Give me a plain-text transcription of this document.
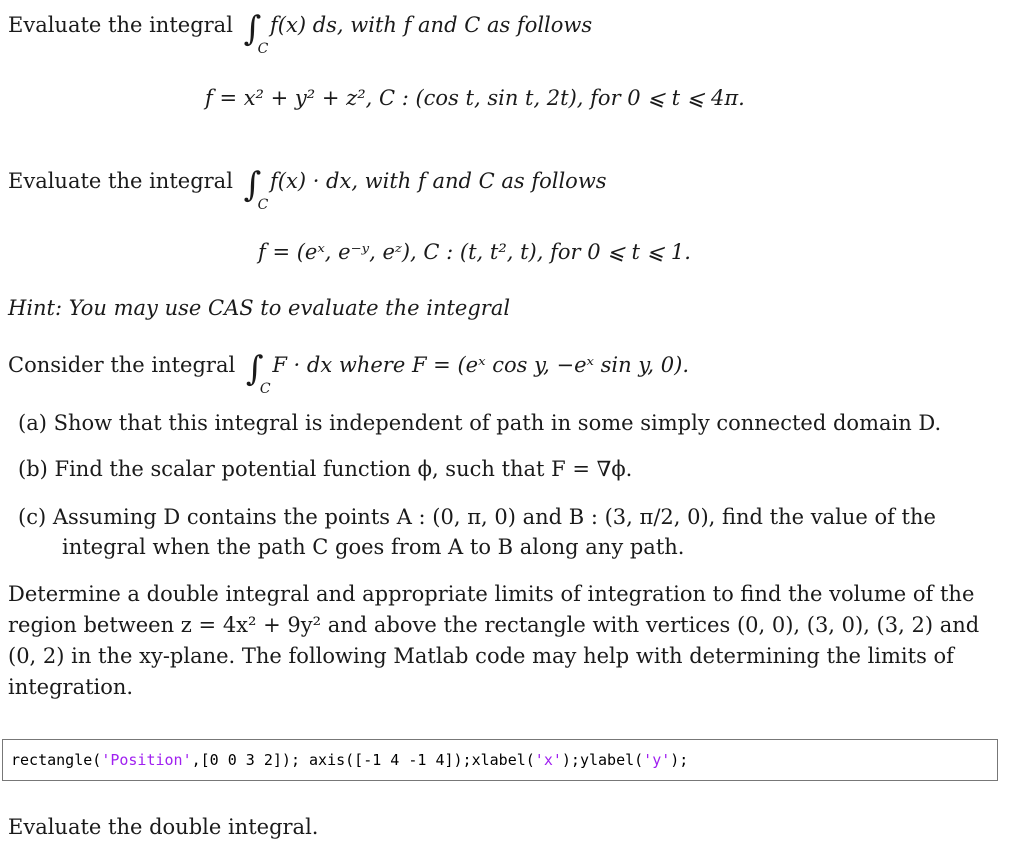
Evaluate the integral ∫
C
f(x) ds, with f and C as follows
f = x² + y² + z², C : (cos t, sin t, 2t), for 0 ⩽ t ⩽ 4π.
Evaluate the integral ∫
C
f(x) · dx, with f and C as follows
f = (eˣ, e⁻ʸ, eᶻ), C : (t, t², t), for 0 ⩽ t ⩽ 1.
Hint: You may use CAS to evaluate the integral
Consider the integral ∫
C
F · dx where F = (eˣ cos y, −eˣ sin y, 0).
(a) Show that this integral is independent of path in some simply connected domain D.
(b) Find the scalar potential function ϕ, such that F = ∇ϕ.
(c) Assuming D contains the points A : (0, π, 0) and B : (3, π/2, 0), find the value of the
integral when the path C goes from A to B along any path.
Determine a double integral and appropriate limits of integration to find the volume of the
region between z = 4x² + 9y² and above the rectangle with vertices (0, 0), (3, 0), (3, 2) and
(0, 2) in the xy-plane. The following Matlab code may help with determining the limits of
integration.
rectangle('Position',[0 0 3 2]); axis([-1 4 -1 4]);xlabel('x');ylabel('y');
Evaluate the double integral.
